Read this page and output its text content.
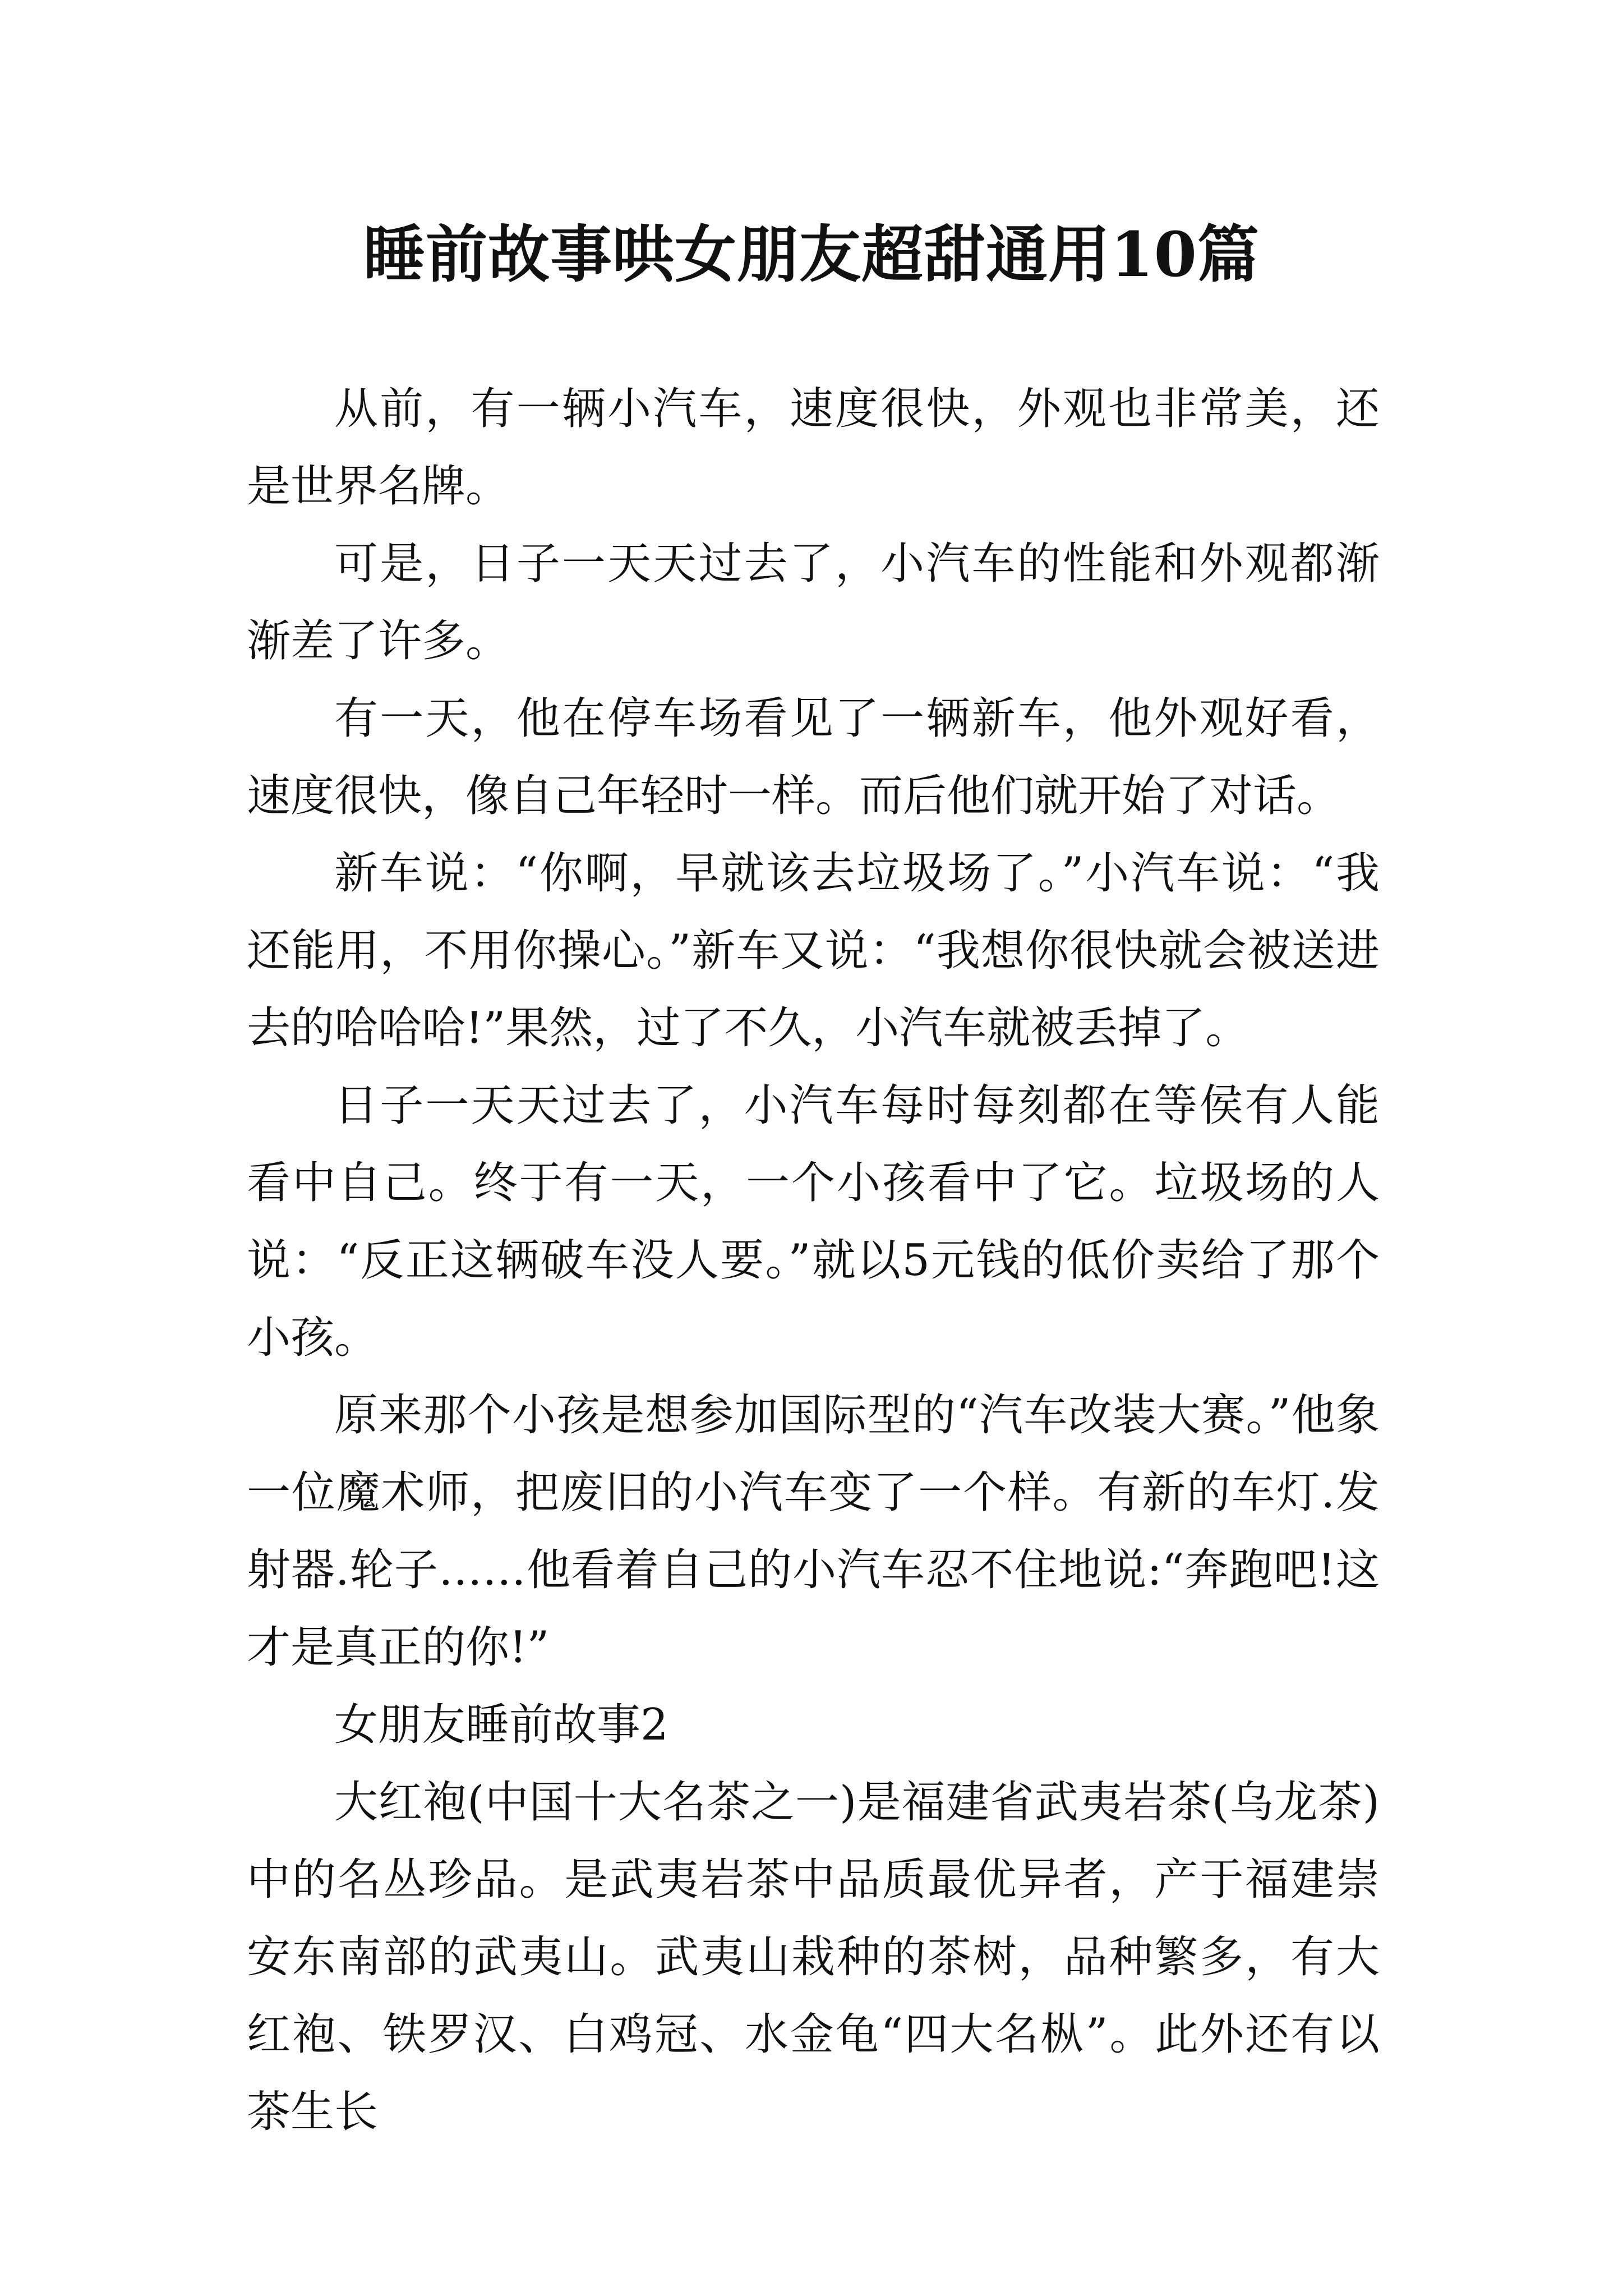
睡前故事哄女朋友超甜通用10篇

从前，有一辆小汽车，速度很快，外观也非常美，还是世界名牌。

可是，日子一天天过去了，小汽车的性能和外观都渐渐差了许多。

有一天，他在停车场看见了一辆新车，他外观好看，速度很快，像自己年轻时一样。而后他们就开始了对话。

新车说：“你啊，早就该去垃圾场了。”小汽车说：“我还能用，不用你操心。”新车又说：“我想你很快就会被送进去的哈哈哈!”果然，过了不久，小汽车就被丢掉了。

日子一天天过去了，小汽车每时每刻都在等侯有人能看中自己。终于有一天，一个小孩看中了它。垃圾场的人说：“反正这辆破车没人要。”就以5元钱的低价卖给了那个小孩。

原来那个小孩是想参加国际型的“汽车改装大赛。”他象一位魔术师，把废旧的小汽车变了一个样。有新的车灯.发射器.轮子……他看着自己的小汽车忍不住地说:“奔跑吧!这才是真正的你!”

女朋友睡前故事2

大红袍(中国十大名茶之一)是福建省武夷岩茶(乌龙茶)中的名丛珍品。是武夷岩茶中品质最优异者，产于福建崇安东南部的武夷山。武夷山栽种的茶树，品种繁多，有大红袍、铁罗汉、白鸡冠、水金龟“四大名枞”。此外还有以茶生长
